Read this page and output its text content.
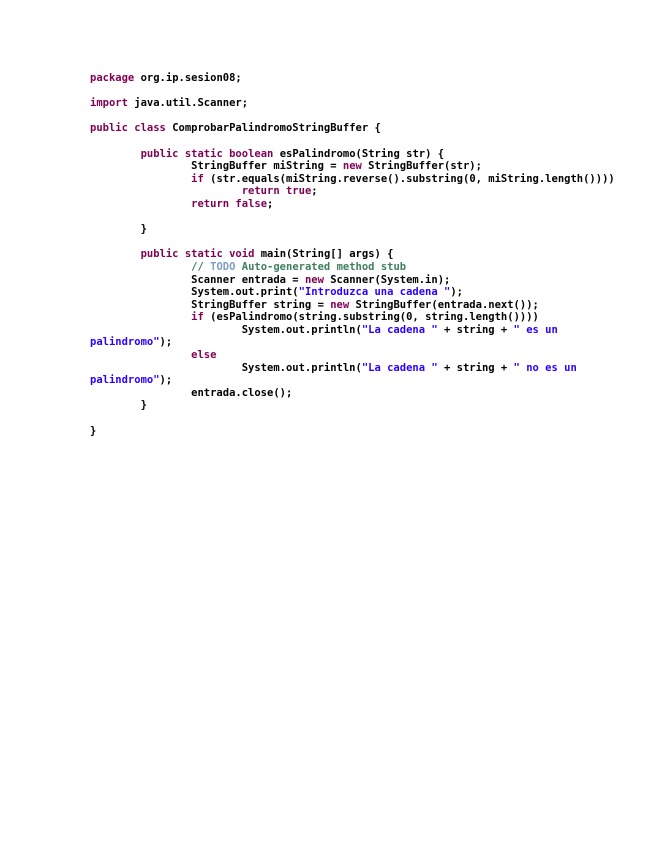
package org.ip.sesion08;
import java.util.Scanner;
public class ComprobarPalindromoStringBuffer {
public static boolean esPalindromo(String str) {
StringBuffer miString = new StringBuffer(str);
if (str.equals(miString.reverse().substring(0, miString.length())))
return true;
return false;
}
public static void main(String[] args) {
// TODO Auto-generated method stub
Scanner entrada = new Scanner(System.in);
System.out.print("Introduzca una cadena ");
StringBuffer string = new StringBuffer(entrada.next());
if (esPalindromo(string.substring(0, string.length())))
System.out.println("La cadena " + string + " es un
palindromo");
else
System.out.println("La cadena " + string + " no es un
palindromo");
entrada.close();
}
}
